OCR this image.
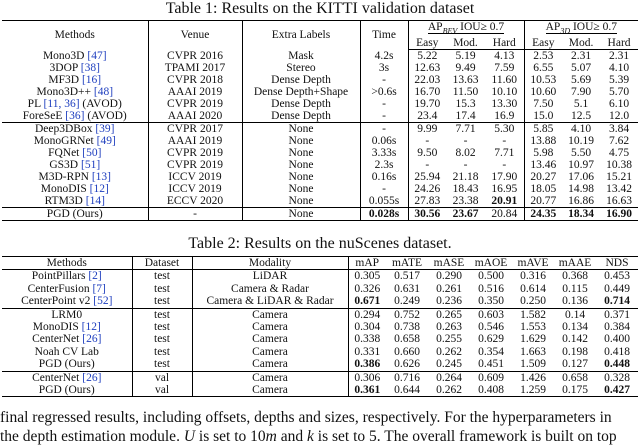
Table 1: Results on the KITTI validation dataset
Methods	Venue	Extra Labels	Time	$AP_{BEV}$ IOU≥ 0.7			$AP_{3D}$ IOU≥ 0.7		
				Easy	Mod.	Hard	Easy	Mod.	Hard
Mono3D [47]	CVPR 2016	Mask	4.2s	5.22	5.19	4.13	2.53	2.31	2.31
3DOP [38]	TPAMI 2017	Stereo	3s	12.63	9.49	7.59	6.55	5.07	4.10
MF3D [16]	CVPR 2018	Dense Depth	-	22.03	13.63	11.60	10.53	5.69	5.39
Mono3D++ [48]	AAAI 2019	Dense Depth+Shape	>0.6s	16.70	11.50	10.10	10.60	7.90	5.70
PL [11, 36] (AVOD)	CVPR 2019	Dense Depth	-	19.70	15.3	13.30	7.50	5.1	6.10
ForeSeE [36] (AVOD)	AAAI 2020	Dense Depth	-	23.4	17.4	16.9	15.0	12.5	12.0
Deep3DBox [39]	CVPR 2017	None	-	9.99	7.71	5.30	5.85	4.10	3.84
MonoGRNet [49]	AAAI 2019	None	0.06s	-	-	-	13.88	10.19	7.62
FQNet [50]	CVPR 2019	None	3.33s	9.50	8.02	7.71	5.98	5.50	4.75
GS3D [51]	CVPR 2019	None	2.3s	-	-	-	13.46	10.97	10.38
M3D-RPN [13]	ICCV 2019	None	0.16s	25.94	21.18	17.90	20.27	17.06	15.21
MonoDIS [12]	ICCV 2019	None	-	24.26	18.43	16.95	18.05	14.98	13.42
RTM3D [14]	ECCV 2020	None	0.055s	27.83	23.38	20.91	20.77	16.86	16.63
PGD (Ours)	-	None	0.028s	30.56	23.67	20.84	24.35	18.34	16.90
Table 2: Results on the nuScenes dataset.
Methods	Dataset	Modality	mAP	mATE	mASE	mAOE	mAVE	mAAE	NDS
PointPillars [2]	test	LiDAR	0.305	0.517	0.290	0.500	0.316	0.368	0.453
CenterFusion [7]	test	Camera & Radar	0.326	0.631	0.261	0.516	0.614	0.115	0.449
CenterPoint v2 [52]	test	Camera & LiDAR & Radar	0.671	0.249	0.236	0.350	0.250	0.136	0.714
LRM0	test	Camera	0.294	0.752	0.265	0.603	1.582	0.14	0.371
MonoDIS [12]	test	Camera	0.304	0.738	0.263	0.546	1.553	0.134	0.384
CenterNet [26]	test	Camera	0.338	0.658	0.255	0.629	1.629	0.142	0.400
Noah CV Lab	test	Camera	0.331	0.660	0.262	0.354	1.663	0.198	0.418
PGD (Ours)	test	Camera	0.386	0.626	0.245	0.451	1.509	0.127	0.448
CenterNet [26]	val	Camera	0.306	0.716	0.264	0.609	1.426	0.658	0.328
PGD (Ours)	val	Camera	0.361	0.644	0.262	0.408	1.259	0.175	0.427
final regressed results, including offsets, depths and sizes, respectively. For the hyperparameters in
the depth estimation module. U is set to 10m and k is set to 5. The overall framework is built on top
